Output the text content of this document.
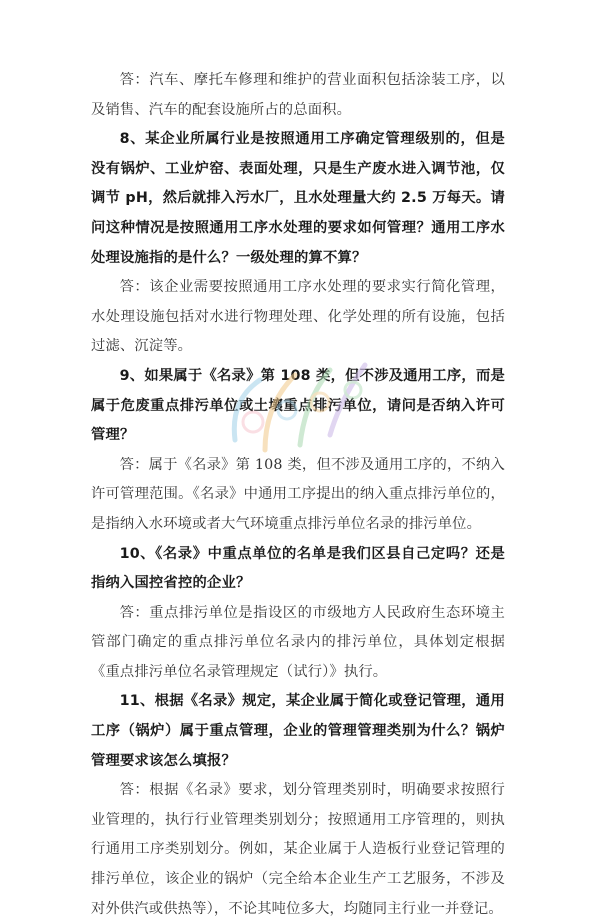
答：汽车、摩托车修理和维护的营业面积包括涂装工序，以及销售、汽车的配套设施所占的总面积。

8、某企业所属行业是按照通用工序确定管理级别的，但是没有锅炉、工业炉窑、表面处理，只是生产废水进入调节池，仅调节 pH，然后就排入污水厂，且水处理量大约 2.5 万每天。请问这种情况是按照通用工序水处理的要求如何管理？通用工序水处理设施指的是什么？一级处理的算不算？

答：该企业需要按照通用工序水处理的要求实行简化管理，水处理设施包括对水进行物理处理、化学处理的所有设施，包括过滤、沉淀等。

9、如果属于《名录》第 108 类，但不涉及通用工序，而是属于危废重点排污单位或土壤重点排污单位，请问是否纳入许可管理？

答：属于《名录》第 108 类，但不涉及通用工序的，不纳入许可管理范围。《名录》中通用工序提出的纳入重点排污单位的，是指纳入水环境或者大气环境重点排污单位名录的排污单位。

10、《名录》中重点单位的名单是我们区县自己定吗？还是指纳入国控省控的企业？

答：重点排污单位是指设区的市级地方人民政府生态环境主管部门确定的重点排污单位名录内的排污单位，具体划定根据《重点排污单位名录管理规定（试行）》执行。

11、根据《名录》规定，某企业属于简化或登记管理，通用工序（锅炉）属于重点管理，企业的管理管理类别为什么？锅炉管理要求该怎么填报？

答：根据《名录》要求，划分管理类别时，明确要求按照行业管理的，执行行业管理类别划分；按照通用工序管理的，则执行通用工序类别划分。例如，某企业属于人造板行业登记管理的排污单位，该企业的锅炉（完全给本企业生产工艺服务，不涉及对外供汽或供热等），不论其吨位多大，均随同主行业一并登记。
